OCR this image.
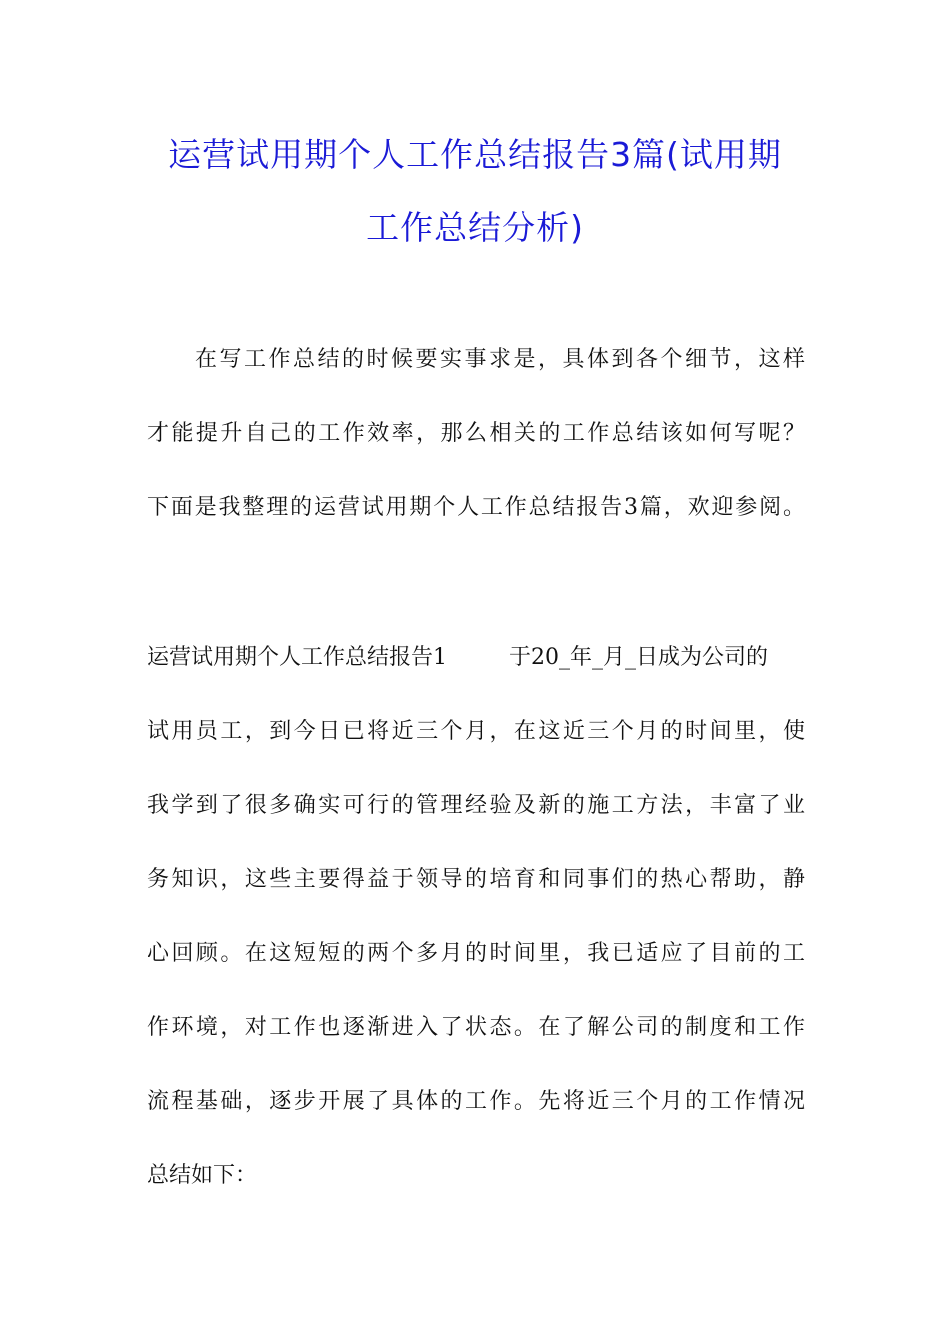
运营试用期个人工作总结报告3篇(试用期
工作总结分析)
在写工作总结的时候要实事求是，具体到各个细节，这样
才能提升自己的工作效率，那么相关的工作总结该如何写呢？
下面是我整理的运营试用期个人工作总结报告3篇，欢迎参阅。
运营试用期个人工作总结报告1	于20_年_月_日成为公司的
试用员工，到今日已将近三个月，在这近三个月的时间里，使
我学到了很多确实可行的管理经验及新的施工方法，丰富了业
务知识，这些主要得益于领导的培育和同事们的热心帮助，静
心回顾。在这短短的两个多月的时间里，我已适应了目前的工
作环境，对工作也逐渐进入了状态。在了解公司的制度和工作
流程基础，逐步开展了具体的工作。先将近三个月的工作情况
总结如下：
